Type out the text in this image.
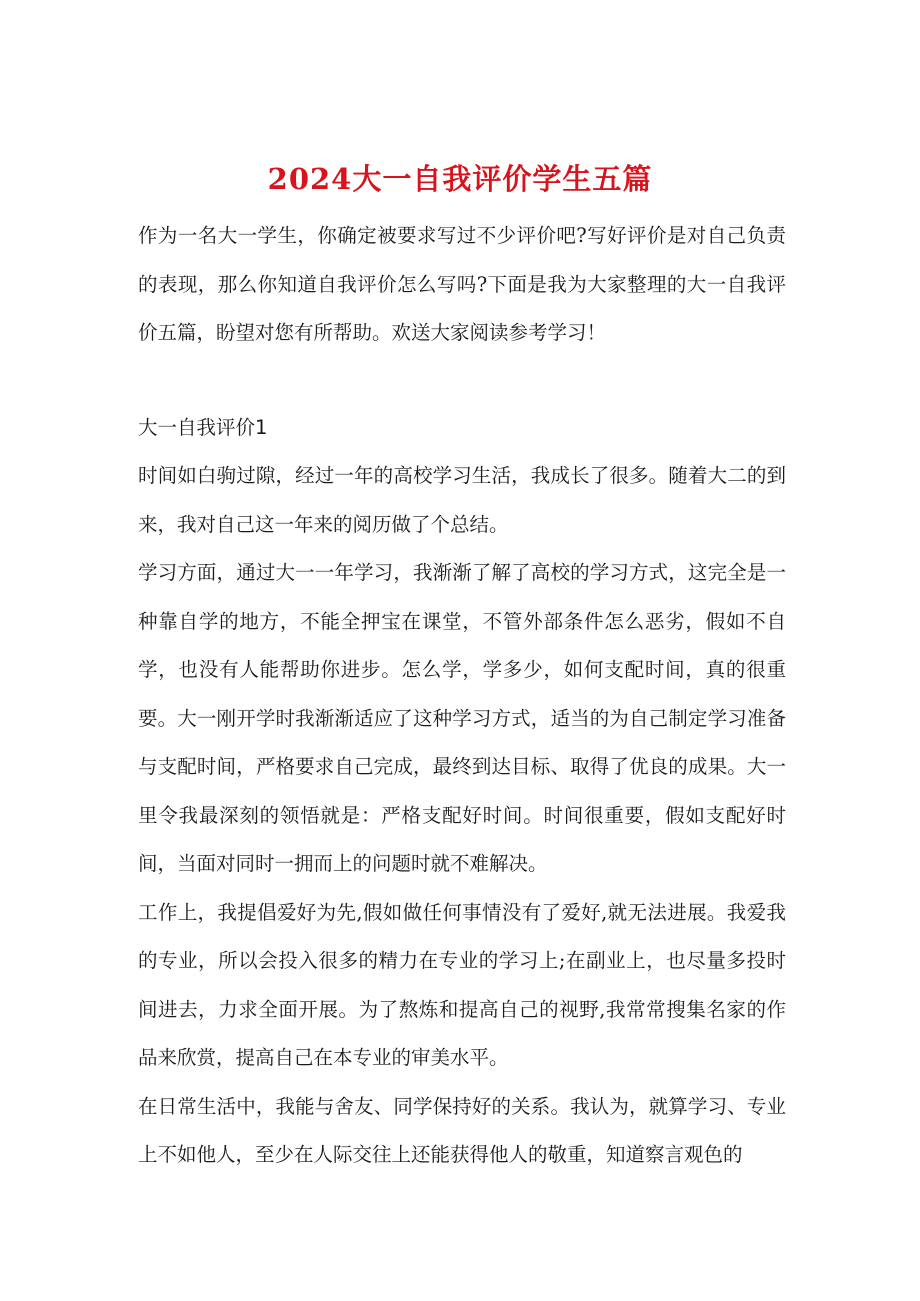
2024大一自我评价学生五篇

作为一名大一学生，你确定被要求写过不少评价吧?写好评价是对自己负责的表现，那么你知道自我评价怎么写吗?下面是我为大家整理的大一自我评价五篇，盼望对您有所帮助。欢送大家阅读参考学习！

大一自我评价1

时间如白驹过隙，经过一年的高校学习生活，我成长了很多。随着大二的到来，我对自己这一年来的阅历做了个总结。

学习方面，通过大一一年学习，我渐渐了解了高校的学习方式，这完全是一种靠自学的地方，不能全押宝在课堂，不管外部条件怎么恶劣，假如不自学，也没有人能帮助你进步。怎么学，学多少，如何支配时间，真的很重要。大一刚开学时我渐渐适应了这种学习方式，适当的为自己制定学习准备与支配时间，严格要求自己完成，最终到达目标、取得了优良的成果。大一里令我最深刻的领悟就是：严格支配好时间。时间很重要，假如支配好时间，当面对同时一拥而上的问题时就不难解决。

工作上，我提倡爱好为先,假如做任何事情没有了爱好,就无法进展。我爱我的专业，所以会投入很多的精力在专业的学习上;在副业上，也尽量多投时间进去，力求全面开展。为了熬炼和提高自己的视野,我常常搜集名家的作品来欣赏，提高自己在本专业的审美水平。

在日常生活中，我能与舍友、同学保持好的关系。我认为，就算学习、专业上不如他人，至少在人际交往上还能获得他人的敬重，知道察言观色的
